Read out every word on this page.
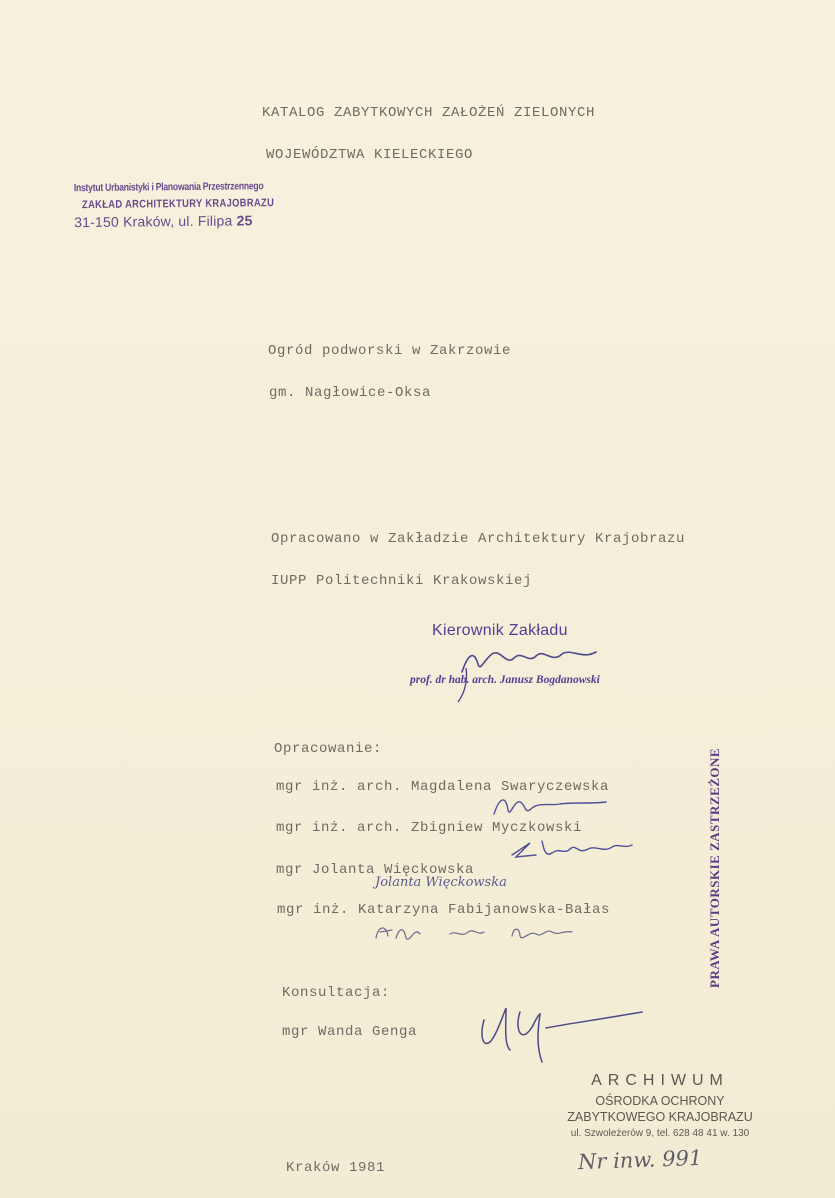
KATALOG ZABYTKOWYCH ZAŁOŻEŃ ZIELONYCH
WOJEWÓDZTWA KIELECKIEGO
Instytut Urbanistyki i Planowania Przestrzennego
ZAKŁAD ARCHITEKTURY KRAJOBRAZU
31-150 Kraków, ul. Filipa 25
Ogród podworski w Zakrzowie
gm. Nagłowice-Oksa
Opracowano w Zakładzie Architektury Krajobrazu
IUPP Politechniki Krakowskiej
Kierownik Zakładu
prof. dr hab. arch. Janusz Bogdanowski
Opracowanie:
mgr inż. arch. Magdalena Swaryczewska
mgr inż. arch. Zbigniew Myczkowski
mgr Jolanta Więckowska
mgr inż. Katarzyna Fabijanowska-Bałas
Jolanta Więckowska
Konsultacja:
mgr Wanda Genga
PRAWA AUTORSKIE ZASTRZEŻONE
ARCHIWUM
OŚRODKA OCHRONY
ZABYTKOWEGO KRAJOBRAZU
ul. Szwoleżerów 9, tel. 628 48 41 w. 130
Kraków 1981	Nr inw. 991
